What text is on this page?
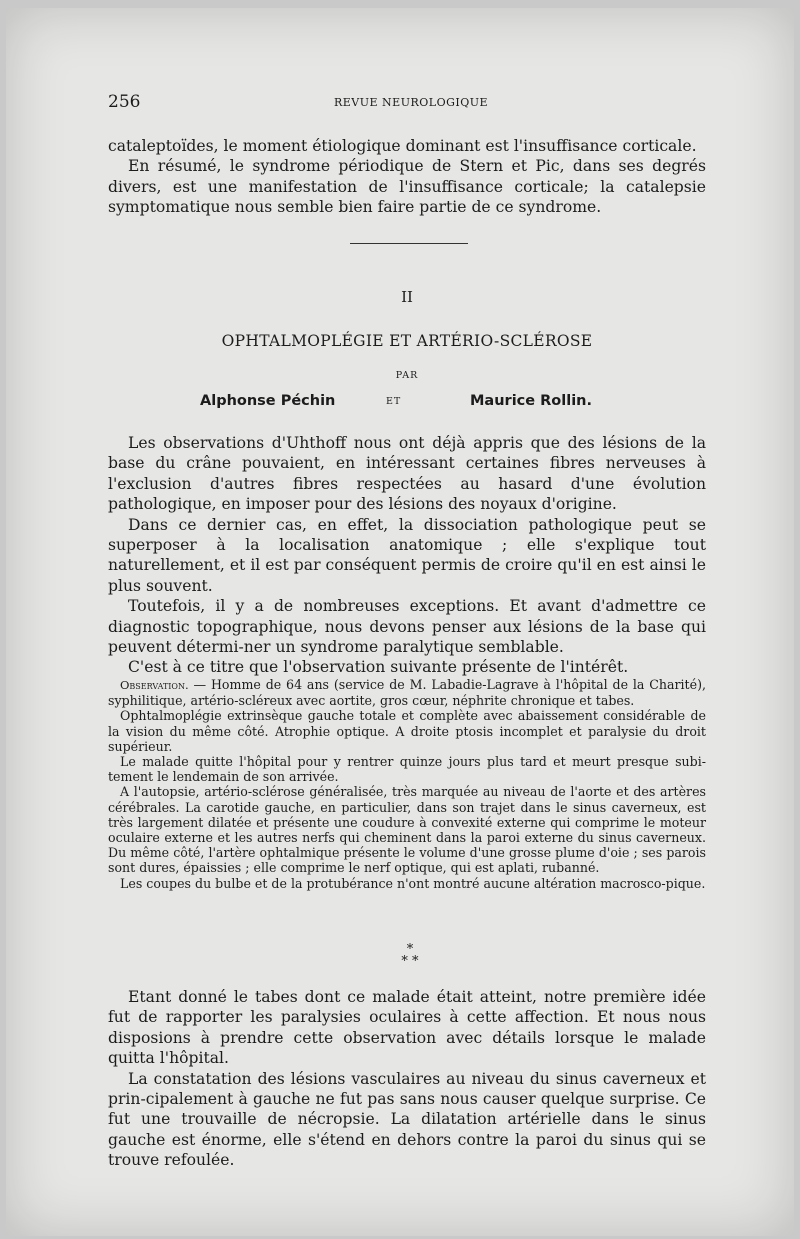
256	REVUE NEUROLOGIQUE

cataleptoïdes, le moment étiologique dominant est l'insuffisance corticale.

En résumé, le syndrome périodique de Stern et Pic, dans ses degrés divers, est une manifestation de l'insuffisance corticale; la catalepsie symptomatique nous semble bien faire partie de ce syndrome.

II
OPHTALMOPLÉGIE ET ARTÉRIO-SCLÉROSE
PAR
Alphonse Péchin	ET	Maurice Rollin.

Les observations d'Uhthoff nous ont déjà appris que des lésions de la base du crâne pouvaient, en intéressant certaines fibres nerveuses à l'exclusion d'autres fibres respectées au hasard d'une évolution pathologique, en imposer pour des lésions des noyaux d'origine.

Dans ce dernier cas, en effet, la dissociation pathologique peut se superposer à la localisation anatomique ; elle s'explique tout naturellement, et il est par conséquent permis de croire qu'il en est ainsi le plus souvent.

Toutefois, il y a de nombreuses exceptions. Et avant d'admettre ce diagnostic topographique, nous devons penser aux lésions de la base qui peuvent détermi-ner un syndrome paralytique semblable.

C'est à ce titre que l'observation suivante présente de l'intérêt.

Observation. — Homme de 64 ans (service de M. Labadie-Lagrave à l'hôpital de la Charité), syphilitique, artério-scléreux avec aortite, gros cœur, néphrite chronique et tabes.

Ophtalmoplégie extrinsèque gauche totale et complète avec abaissement considérable de la vision du même côté. Atrophie optique. A droite ptosis incomplet et paralysie du droit supérieur.

Le malade quitte l'hôpital pour y rentrer quinze jours plus tard et meurt presque subi-tement le lendemain de son arrivée.

A l'autopsie, artério-sclérose généralisée, très marquée au niveau de l'aorte et des artères cérébrales. La carotide gauche, en particulier, dans son trajet dans le sinus caverneux, est très largement dilatée et présente une coudure à convexité externe qui comprime le moteur oculaire externe et les autres nerfs qui cheminent dans la paroi externe du sinus caverneux. Du même côté, l'artère ophtalmique présente le volume d'une grosse plume d'oie ; ses parois sont dures, épaissies ; elle comprime le nerf optique, qui est aplati, rubanné.

Les coupes du bulbe et de la protubérance n'ont montré aucune altération macrosco-pique.

*
* *

Etant donné le tabes dont ce malade était atteint, notre première idée fut de rapporter les paralysies oculaires à cette affection. Et nous nous disposions à prendre cette observation avec détails lorsque le malade quitta l'hôpital.

La constatation des lésions vasculaires au niveau du sinus caverneux et prin-cipalement à gauche ne fut pas sans nous causer quelque surprise. Ce fut une trouvaille de nécropsie. La dilatation artérielle dans le sinus gauche est énorme, elle s'étend en dehors contre la paroi du sinus qui se trouve refoulée.
